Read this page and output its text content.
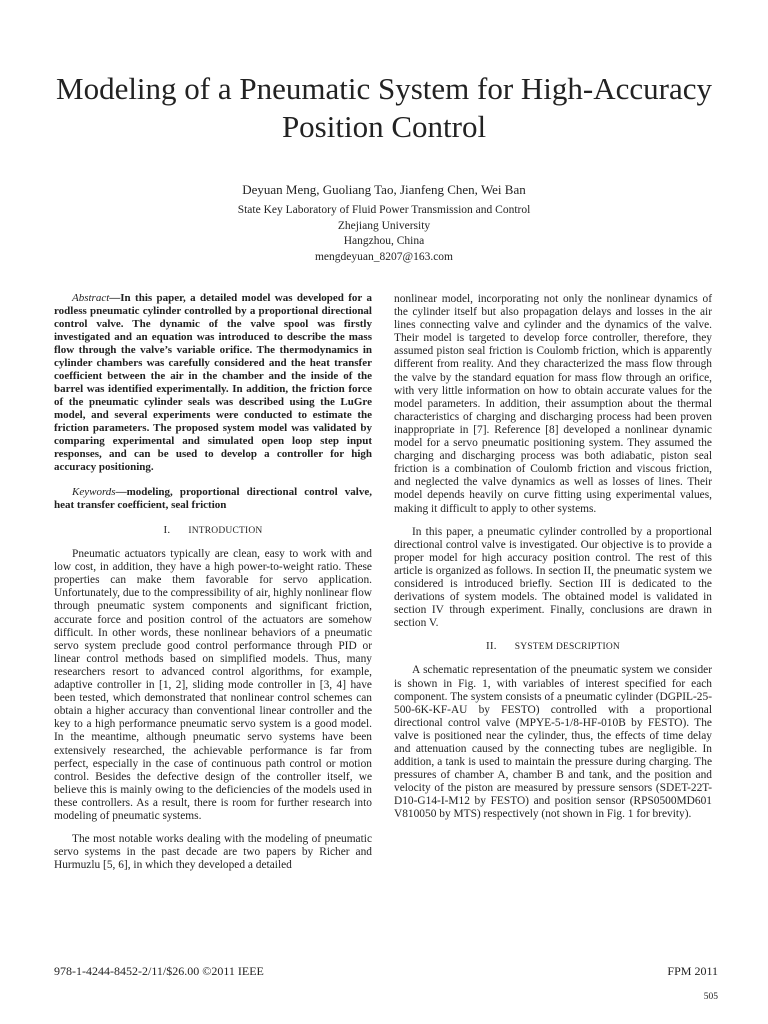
Modeling of a Pneumatic System for High-Accuracy
Position Control
Deyuan Meng, Guoliang Tao, Jianfeng Chen, Wei Ban
State Key Laboratory of Fluid Power Transmission and Control
Zhejiang University
Hangzhou, China
mengdeyuan_8207@163.com

Abstract—In this paper, a detailed model was developed for a rodless pneumatic cylinder controlled by a proportional directional control valve. The dynamic of the valve spool was firstly investigated and an equation was introduced to describe the mass flow through the valve’s variable orifice. The thermodynamics in cylinder chambers was carefully considered and the heat transfer coefficient between the air in the chamber and the inside of the barrel was identified experimentally. In addition, the friction force of the pneumatic cylinder seals was described using the LuGre model, and several experiments were conducted to estimate the friction parameters. The proposed system model was validated by comparing experimental and simulated open loop step input responses, and can be used to develop a controller for high accuracy positioning.

Keywords—modeling, proportional directional control valve, heat transfer coefficient, seal friction

I. INTRODUCTION

Pneumatic actuators typically are clean, easy to work with and low cost, in addition, they have a high power-to-weight ratio. These properties can make them favorable for servo application. Unfortunately, due to the compressibility of air, highly nonlinear flow through pneumatic system components and significant friction, accurate force and position control of the actuators are somehow difficult. In other words, these nonlinear behaviors of a pneumatic servo system preclude good control performance through PID or linear control methods based on simplified models. Thus, many researchers resort to advanced control algorithms, for example, adaptive controller in [1, 2], sliding mode controller in [3, 4] have been tested, which demonstrated that nonlinear control schemes can obtain a higher accuracy than conventional linear controller and the key to a high performance pneumatic servo system is a good model. In the meantime, although pneumatic servo systems have been extensively researched, the achievable performance is far from perfect, especially in the case of continuous path control or motion control. Besides the defective design of the controller itself, we believe this is mainly owing to the deficiencies of the models used in these controllers. As a result, there is room for further research into modeling of pneumatic systems.

The most notable works dealing with the modeling of pneumatic servo systems in the past decade are two papers by Richer and Hurmuzlu [5, 6], in which they developed a detailed

nonlinear model, incorporating not only the nonlinear dynamics of the cylinder itself but also propagation delays and losses in the air lines connecting valve and cylinder and the dynamics of the valve. Their model is targeted to develop force controller, therefore, they assumed piston seal friction is Coulomb friction, which is apparently different from reality. And they characterized the mass flow through the valve by the standard equation for mass flow through an orifice, with very little information on how to obtain accurate values for the model parameters. In addition, their assumption about the thermal characteristics of charging and discharging process had been proven inappropriate in [7]. Reference [8] developed a nonlinear dynamic model for a servo pneumatic positioning system. They assumed the charging and discharging process was both adiabatic, piston seal friction is a combination of Coulomb friction and viscous friction, and neglected the valve dynamics as well as losses of lines. Their model depends heavily on curve fitting using experimental values, making it difficult to apply to other systems.

In this paper, a pneumatic cylinder controlled by a proportional directional control valve is investigated. Our objective is to provide a proper model for high accuracy position control. The rest of this article is organized as follows. In section II, the pneumatic system we considered is introduced briefly. Section III is dedicated to the derivations of system models. The obtained model is validated in section IV through experiment. Finally, conclusions are drawn in section V.

II. SYSTEM DESCRIPTION

A schematic representation of the pneumatic system we consider is shown in Fig. 1, with variables of interest specified for each component. The system consists of a pneumatic cylinder (DGPIL-25-500-6K-KF-AU by FESTO) controlled with a proportional directional control valve (MPYE-5-1/8-HF-010B by FESTO). The valve is positioned near the cylinder, thus, the effects of time delay and attenuation caused by the connecting tubes are negligible. In addition, a tank is used to maintain the pressure during charging. The pressures of chamber A, chamber B and tank, and the position and velocity of the piston are measured by pressure sensors (SDET-22T-D10-G14-I-M12 by FESTO) and position sensor (RPS0500MD601 V810050 by MTS) respectively (not shown in Fig. 1 for brevity).

978-1-4244-8452-2/11/$26.00 ©2011 IEEE	FPM 2011
505
